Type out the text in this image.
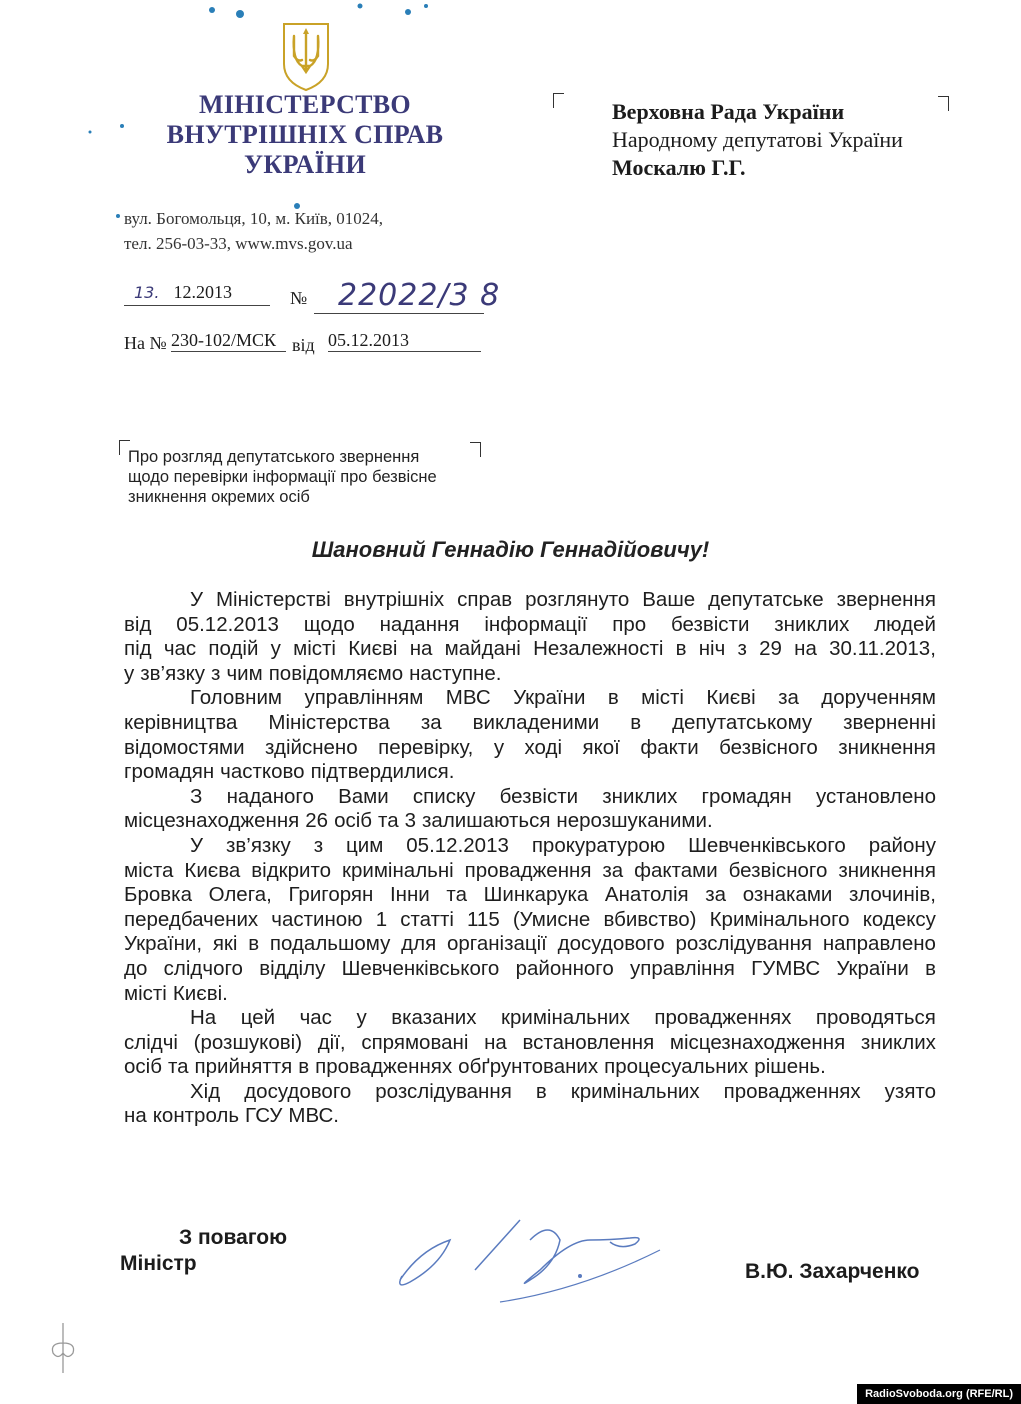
МІНІСТЕРСТВО
ВНУТРІШНІХ СПРАВ
УКРАЇНИ
вул. Богомольця, 10, м. Київ, 01024,
тел. 256-03-33, www.mvs.gov.ua
13. 12.2013	№	22022/3 8
На № 230-102/МСК від 05.12.2013
Верховна Рада України
Народному депутатові України
Москалю Г.Г.
Про розгляд депутатського звернення
щодо перевірки інформації про безвісне
зникнення окремих осіб
Шановний Геннадію Геннадійовичу!
У Міністерстві внутрішніх справ розглянуто Ваше депутатське звернення
від 05.12.2013 щодо надання інформації про безвісти зниклих людей
під час подій у місті Києві на майдані Незалежності в ніч з 29 на 30.11.2013,
у зв’язку з чим повідомляємо наступне.
Головним управлінням МВС України в місті Києві за дорученням
керівництва Міністерства за викладеними в депутатському зверненні
відомостями здійснено перевірку, у ході якої факти безвісного зникнення
громадян частково підтвердилися.
З наданого Вами списку безвісти зниклих громадян установлено
місцезнаходження 26 осіб та 3 залишаються нерозшуканими.
У зв’язку з цим 05.12.2013 прокуратурою Шевченківського району
міста Києва відкрито кримінальні провадження за фактами безвісного зникнення
Бровка Олега, Григорян Інни та Шинкарука Анатолія за ознаками злочинів,
передбачених частиною 1 статті 115 (Умисне вбивство) Кримінального кодексу
України, які в подальшому для організації досудового розслідування направлено
до слідчого відділу Шевченківського районного управління ГУМВС України в
місті Києві.
На цей час у вказаних кримінальних провадженнях проводяться
слідчі (розшукові) дії, спрямовані на встановлення місцезнаходження зниклих
осіб та прийняття в провадженнях обґрунтованих процесуальних рішень.
Хід досудового розслідування в кримінальних провадженнях узято
на контроль ГСУ МВС.
З повагою
Міністр	В.Ю. Захарченко
RadioSvoboda.org (RFE/RL)
